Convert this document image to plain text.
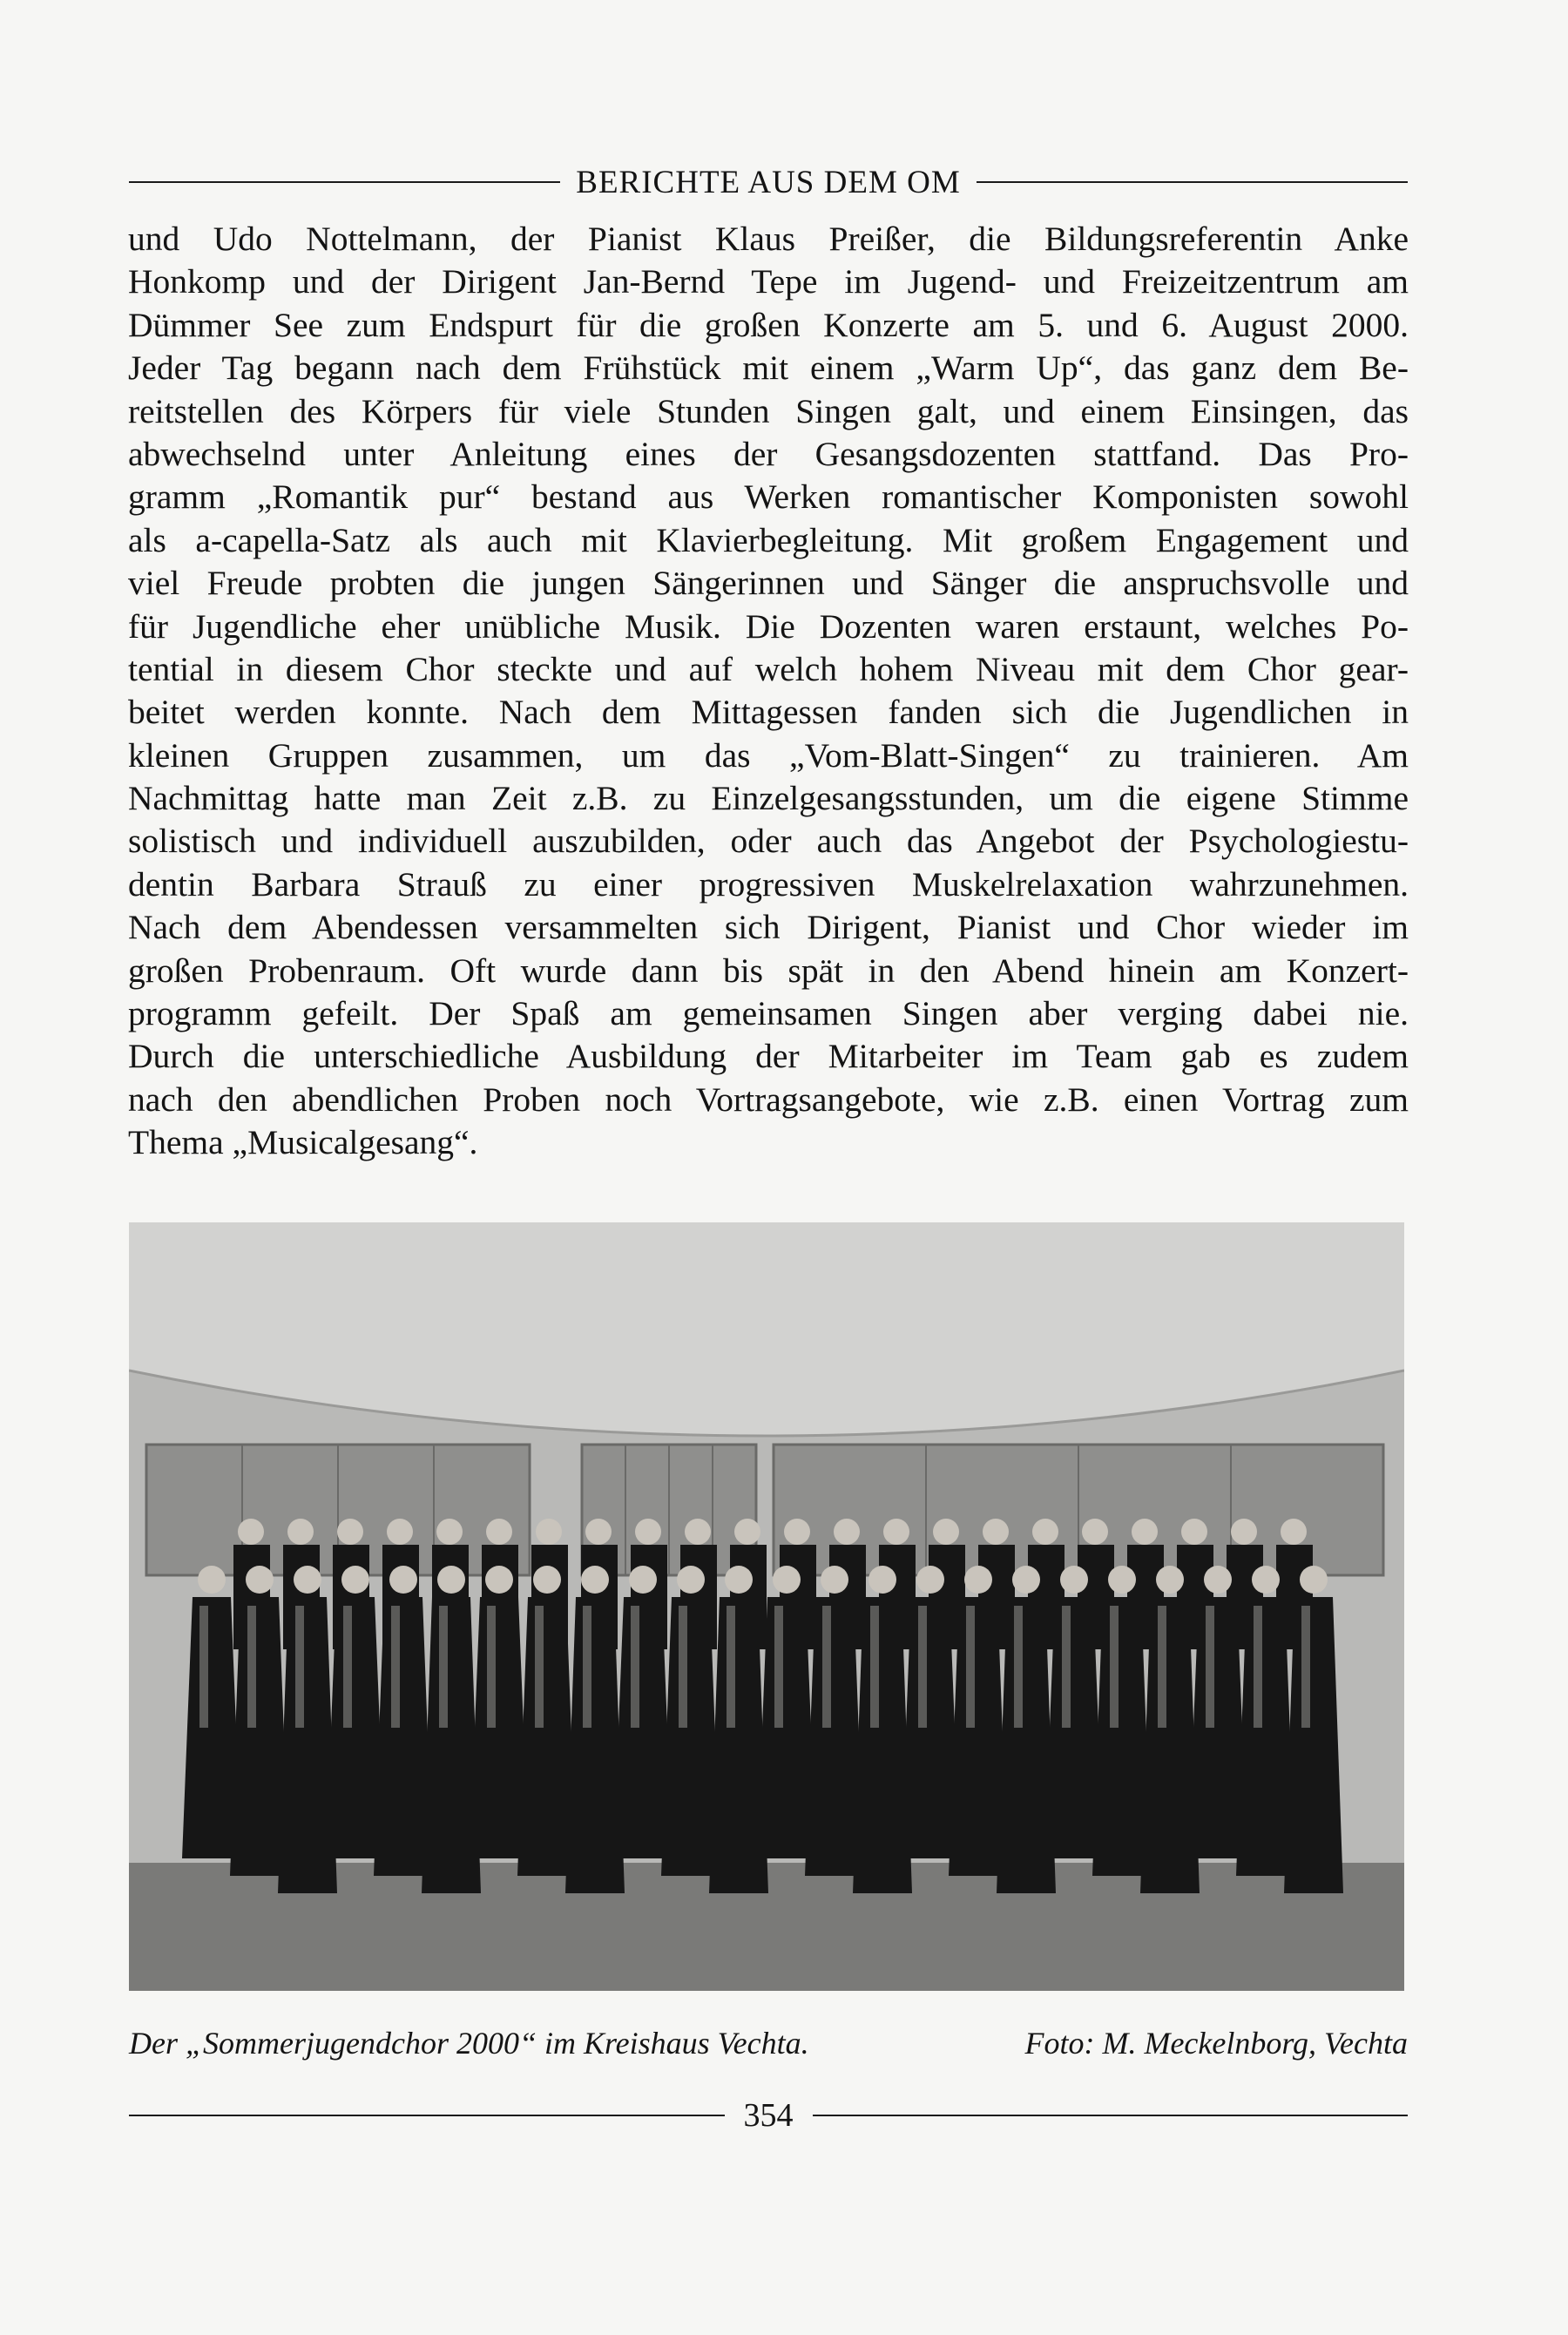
BERICHTE AUS DEM OM
und Udo Nottelmann, der Pianist Klaus Preißer, die Bildungsreferentin Anke
Honkomp und der Dirigent Jan-Bernd Tepe im Jugend- und Freizeitzentrum am
Dümmer See zum Endspurt für die großen Konzerte am 5. und 6. August 2000.
Jeder Tag begann nach dem Frühstück mit einem „Warm Up“, das ganz dem Be-
reitstellen des Körpers für viele Stunden Singen galt, und einem Einsingen, das
abwechselnd unter Anleitung eines der Gesangsdozenten stattfand. Das Pro-
gramm „Romantik pur“ bestand aus Werken romantischer Komponisten sowohl
als a-capella-Satz als auch mit Klavierbegleitung. Mit großem Engagement und
viel Freude probten die jungen Sängerinnen und Sänger die anspruchsvolle und
für Jugendliche eher unübliche Musik. Die Dozenten waren erstaunt, welches Po-
tential in diesem Chor steckte und auf welch hohem Niveau mit dem Chor gear-
beitet werden konnte. Nach dem Mittagessen fanden sich die Jugendlichen in
kleinen Gruppen zusammen, um das „Vom-Blatt-Singen“ zu trainieren. Am
Nachmittag hatte man Zeit z.B. zu Einzelgesangsstunden, um die eigene Stimme
solistisch und individuell auszubilden, oder auch das Angebot der Psychologiestu-
dentin Barbara Strauß zu einer progressiven Muskelrelaxation wahrzunehmen.
Nach dem Abendessen versammelten sich Dirigent, Pianist und Chor wieder im
großen Probenraum. Oft wurde dann bis spät in den Abend hinein am Konzert-
programm gefeilt. Der Spaß am gemeinsamen Singen aber verging dabei nie.
Durch die unterschiedliche Ausbildung der Mitarbeiter im Team gab es zudem
nach den abendlichen Proben noch Vortragsangebote, wie z.B. einen Vortrag zum
Thema „Musicalgesang“.
Der „Sommerjugendchor 2000“ im Kreishaus Vechta.	Foto: M. Meckelnborg, Vechta
354
